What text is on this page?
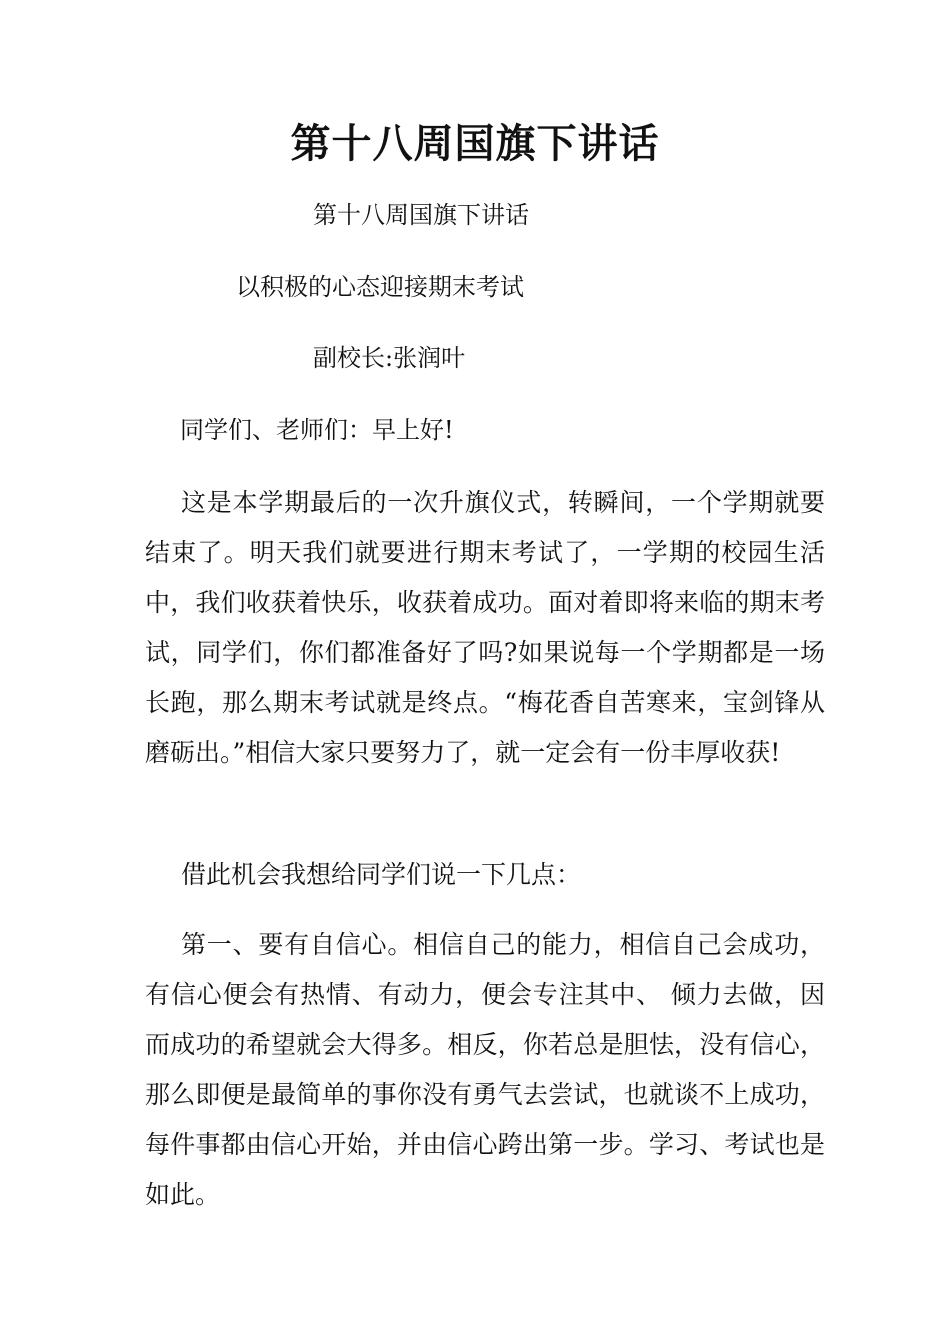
第十八周国旗下讲话

第十八周国旗下讲话

以积极的心态迎接期末考试

副校长:张润叶

同学们、老师们：早上好!

这是本学期最后的一次升旗仪式，转瞬间，一个学期就要结束了。明天我们就要进行期末考试了，一学期的校园生活中，我们收获着快乐，收获着成功。面对着即将来临的期末考试，同学们，你们都准备好了吗?如果说每一个学期都是一场长跑，那么期末考试就是终点。“梅花香自苦寒来，宝剑锋从磨砺出。”相信大家只要努力了，就一定会有一份丰厚收获!

借此机会我想给同学们说一下几点：

第一、要有自信心。相信自己的能力，相信自己会成功，有信心便会有热情、有动力，便会专注其中、 倾力去做，因而成功的希望就会大得多。相反，你若总是胆怯，没有信心，那么即便是最简单的事你没有勇气去尝试，也就谈不上成功， 每件事都由信心开始，并由信心跨出第一步。学习、考试也是如此。
